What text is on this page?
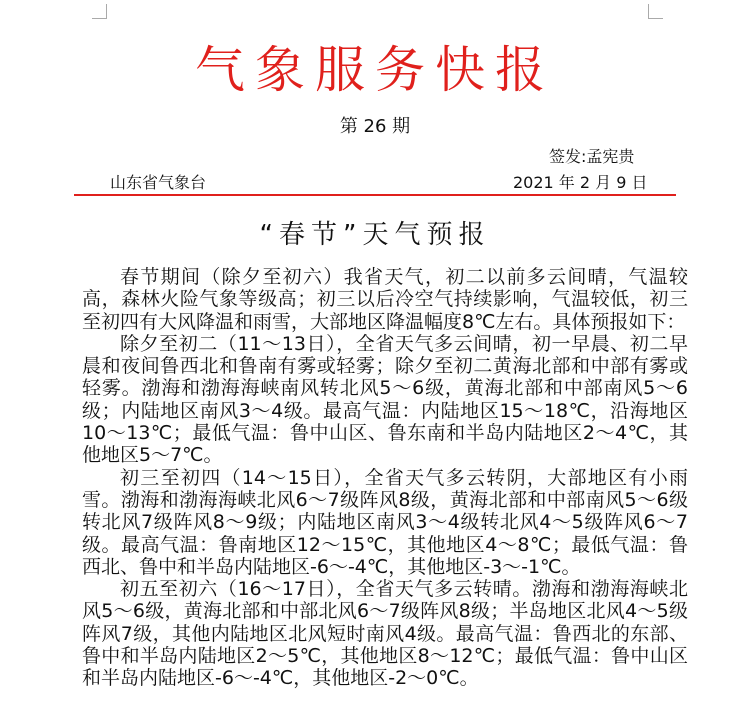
气象服务快报
第 26 期
签发:孟宪贵
山东省气象台	2021 年 2 月 9 日
“春节”天气预报

春节期间（除夕至初六）我省天气，初二以前多云间晴，气温较高，森林火险气象等级高；初三以后冷空气持续影响，气温较低，初三至初四有大风降温和雨雪，大部地区降温幅度8℃左右。具体预报如下：

除夕至初二（11～13日），全省天气多云间晴，初一早晨、初二早晨和夜间鲁西北和鲁南有雾或轻雾；除夕至初二黄海北部和中部有雾或轻雾。渤海和渤海海峡南风转北风5～6级，黄海北部和中部南风5～6级；内陆地区南风3～4级。最高气温：内陆地区15～18℃，沿海地区10～13℃；最低气温：鲁中山区、鲁东南和半岛内陆地区2～4℃，其他地区5～7℃。

初三至初四（14～15日），全省天气多云转阴，大部地区有小雨雪。渤海和渤海海峡北风6～7级阵风8级，黄海北部和中部南风5～6级转北风7级阵风8～9级；内陆地区南风3～4级转北风4～5级阵风6～7级。最高气温：鲁南地区12～15℃，其他地区4～8℃；最低气温：鲁西北、鲁中和半岛内陆地区-6～-4℃，其他地区-3～-1℃。

初五至初六（16～17日），全省天气多云转晴。渤海和渤海海峡北风5～6级，黄海北部和中部北风6～7级阵风8级；半岛地区北风4～5级阵风7级，其他内陆地区北风短时南风4级。最高气温：鲁西北的东部、鲁中和半岛内陆地区2～5℃，其他地区8～12℃；最低气温：鲁中山区和半岛内陆地区-6～-4℃，其他地区-2～0℃。
